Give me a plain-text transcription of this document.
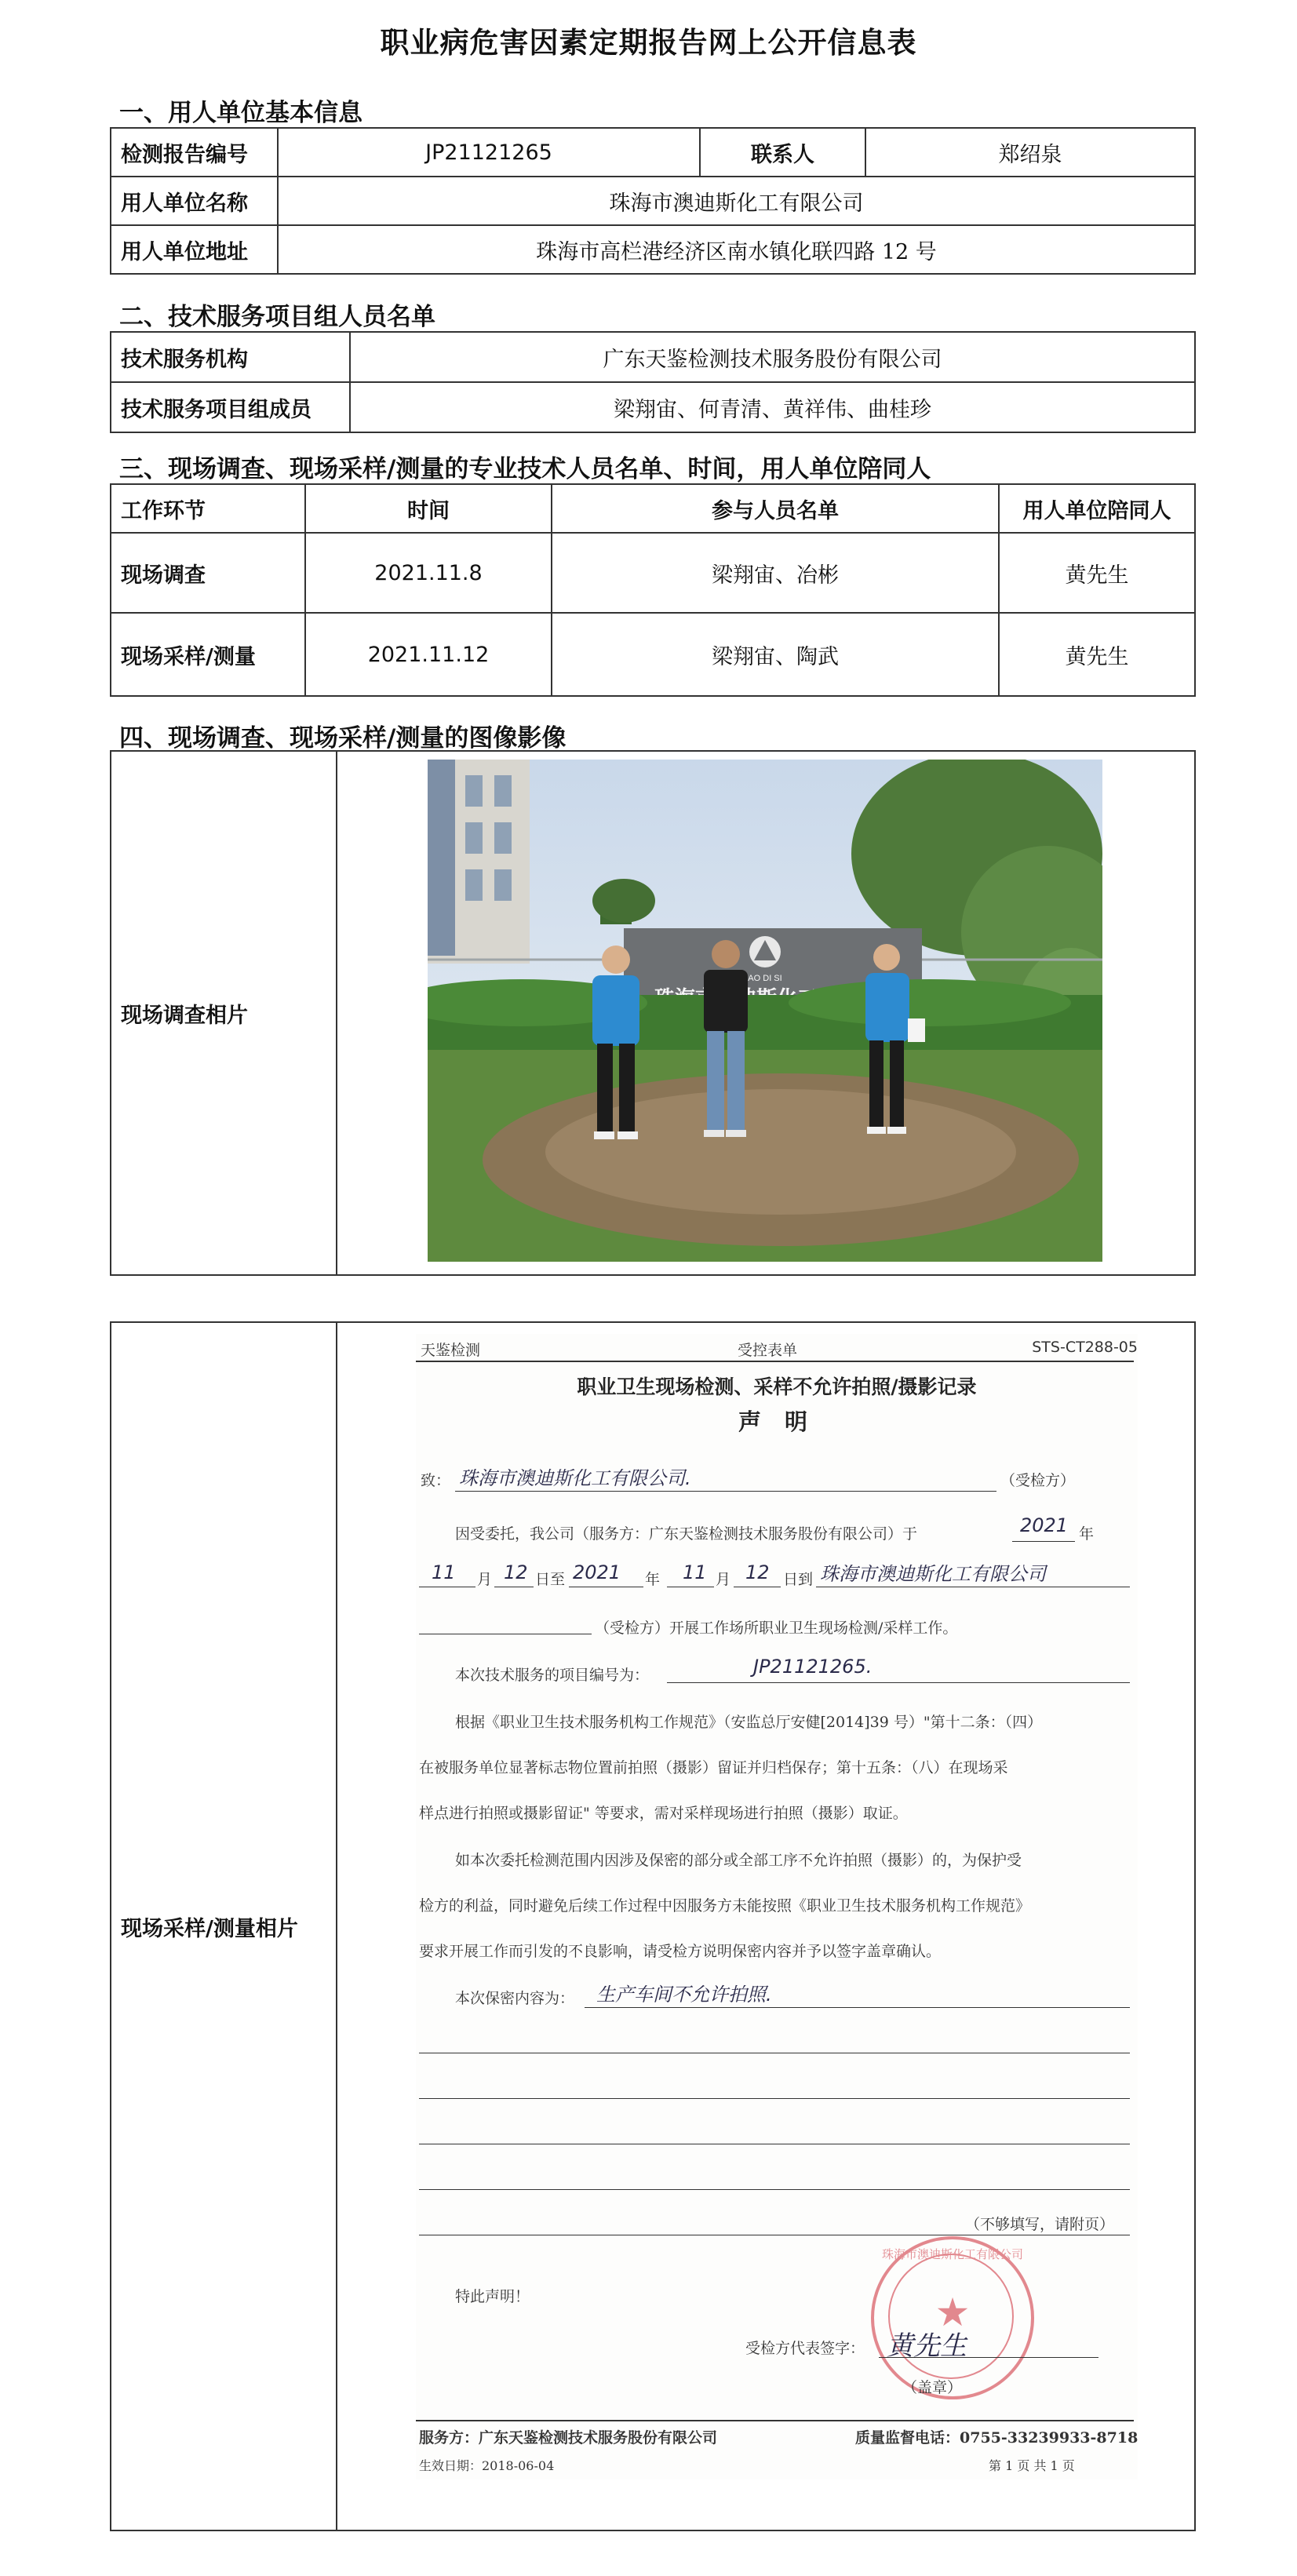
职业病危害因素定期报告网上公开信息表
一、用人单位基本信息
检测报告编号	JP21121265	联系人	郑绍泉
用人单位名称	珠海市澳迪斯化工有限公司		
用人单位地址	珠海市高栏港经济区南水镇化联四路 12 号		
二、技术服务项目组人员名单
技术服务机构	广东天鉴检测技术服务股份有限公司
技术服务项目组成员	梁翔宙、何青清、黄祥伟、曲桂珍
三、现场调查、现场采样/测量的专业技术人员名单、时间，用人单位陪同人
工作环节	时间	参与人员名单	用人单位陪同人
现场调查	2021.11.8	梁翔宙、冶彬	黄先生
现场采样/测量	2021.11.12	梁翔宙、陶武	黄先生
四、现场调查、现场采样/测量的图像影像
现场调查相片	
AO DI SI
现场采样/测量相片	
天鉴检测	受控表单	STS-CT288-05
职业卫生现场检测、采样不允许拍照/摄影记录
声 明
致： 珠海市澳迪斯化工有限公司.	（受检方）
因受委托，我公司（服务方：广东天鉴检测技术服务股份有限公司）于	2021 年
11 月 12 日至 2021 年 11 月 12 日到 珠海市澳迪斯化工有限公司
（受检方）开展工作场所职业卫生现场检测/采样工作。
本次技术服务的项目编号为：	JP21121265.
根据《职业卫生技术服务机构工作规范》（安监总厅安健[2014]39 号）"第十二条：（四）
在被服务单位显著标志物位置前拍照（摄影）留证并归档保存；第十五条：（八）在现场采
样点进行拍照或摄影留证" 等要求，需对采样现场进行拍照（摄影）取证。
如本次委托检测范围内因涉及保密的部分或全部工序不允许拍照（摄影）的，为保护受
检方的利益，同时避免后续工作过程中因服务方未能按照《职业卫生技术服务机构工作规范》
要求开展工作而引发的不良影响，请受检方说明保密内容并予以签字盖章确认。
本次保密内容为： 生产车间不允许拍照.
（不够填写，请附页）
特此声明！
珠海市澳迪斯化工有限公司
★
受检方代表签字： 黄先生
（盖章）
服务方：广东天鉴检测技术服务股份有限公司	质量监督电话：0755-33239933-8718
生效日期：2018-06-04	第 1 页 共 1 页
